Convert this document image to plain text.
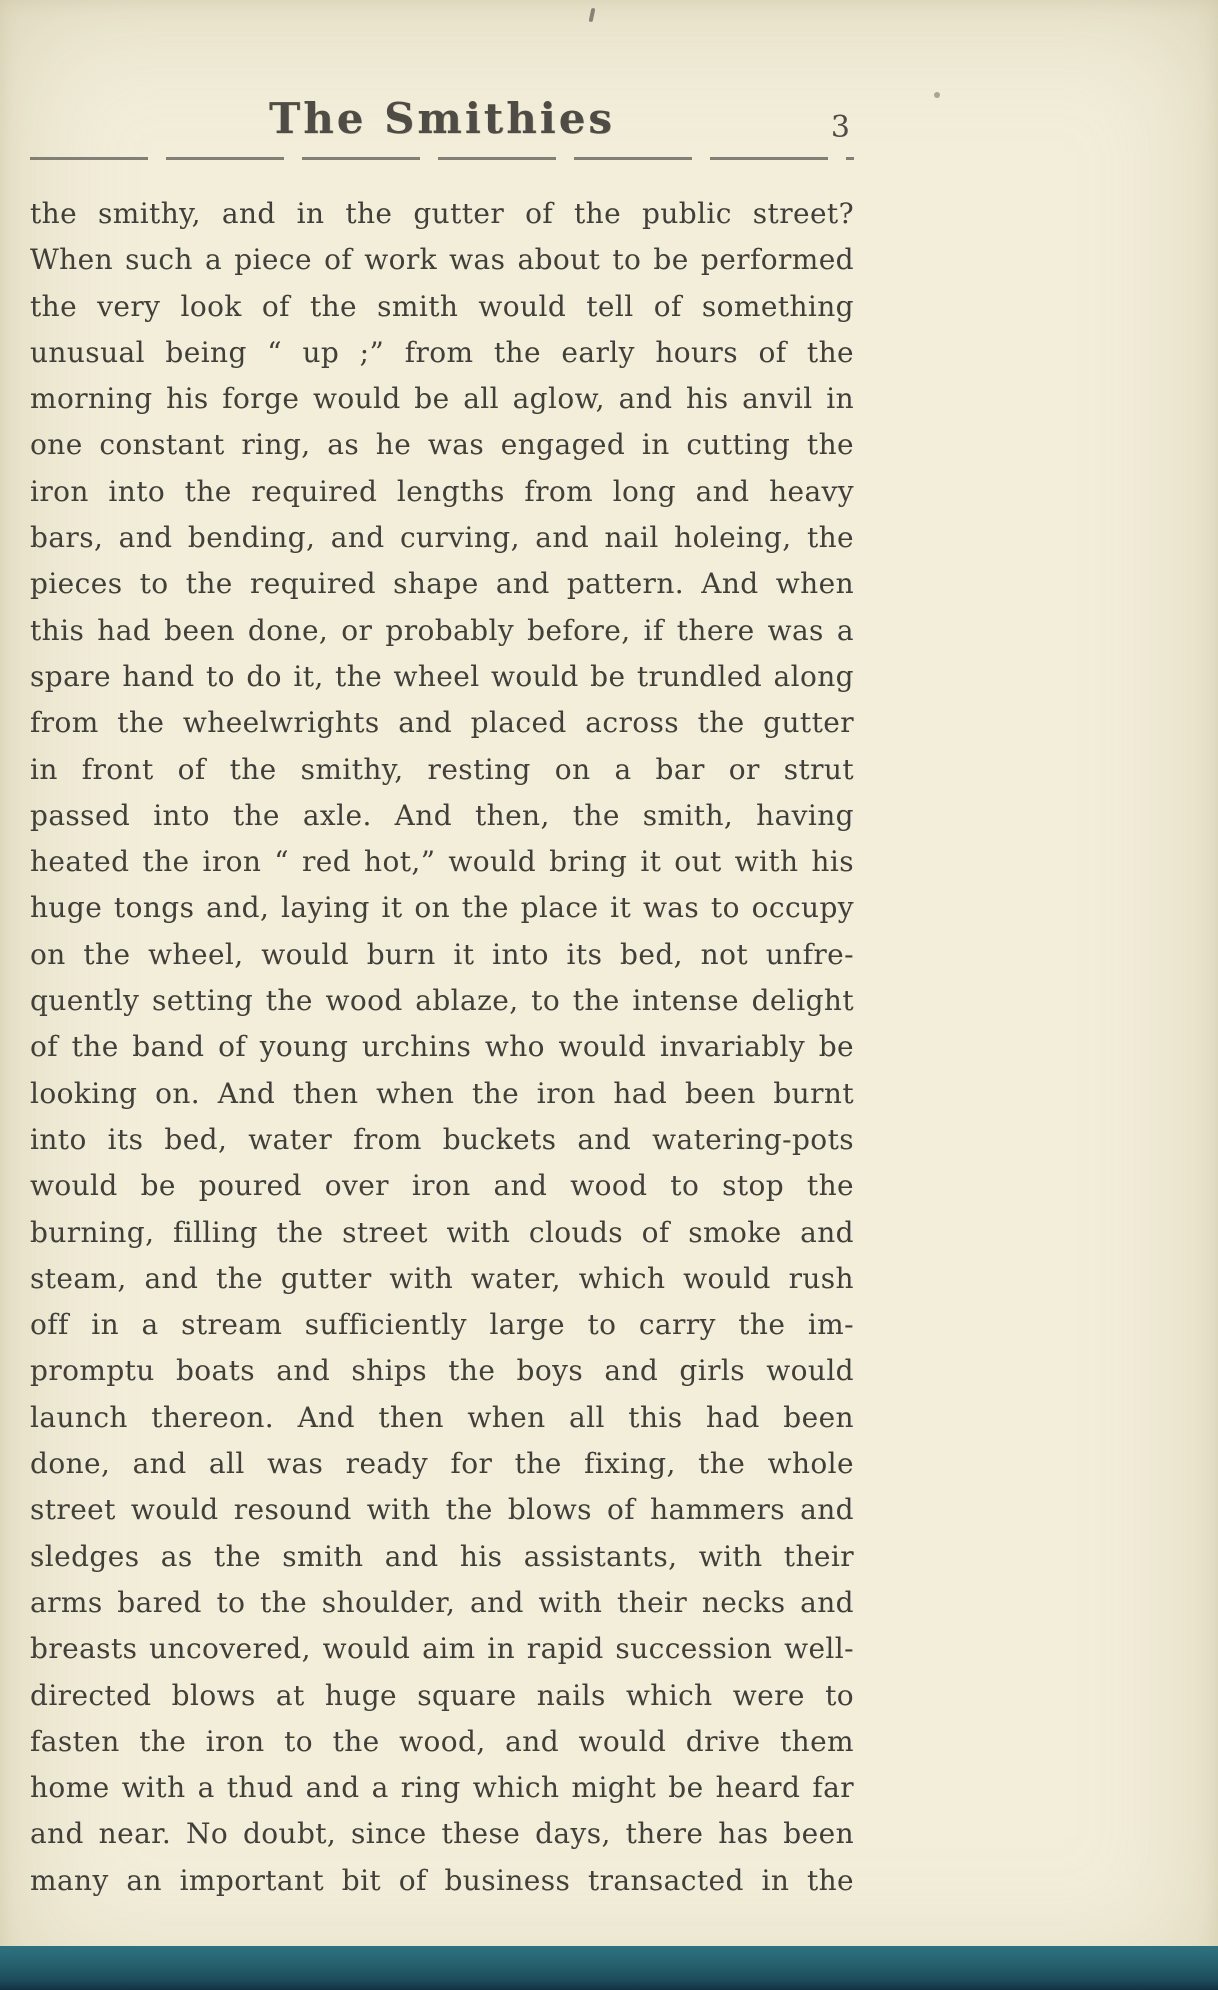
The Smithies	3
the smithy, and in the gutter of the public street?
When such a piece of work was about to be performed
the very look of the smith would tell of something
unusual being “ up ;” from the early hours of the
morning his forge would be all aglow, and his anvil in
one constant ring, as he was engaged in cutting the
iron into the required lengths from long and heavy
bars, and bending, and curving, and nail holeing, the
pieces to the required shape and pattern. And when
this had been done, or probably before, if there was a
spare hand to do it, the wheel would be trundled along
from the wheelwrights and placed across the gutter
in front of the smithy, resting on a bar or strut
passed into the axle. And then, the smith, having
heated the iron “ red hot,” would bring it out with his
huge tongs and, laying it on the place it was to occupy
on the wheel, would burn it into its bed, not unfre-
quently setting the wood ablaze, to the intense delight
of the band of young urchins who would invariably be
looking on. And then when the iron had been burnt
into its bed, water from buckets and watering-pots
would be poured over iron and wood to stop the
burning, filling the street with clouds of smoke and
steam, and the gutter with water, which would rush
off in a stream sufficiently large to carry the im-
promptu boats and ships the boys and girls would
launch thereon. And then when all this had been
done, and all was ready for the fixing, the whole
street would resound with the blows of hammers and
sledges as the smith and his assistants, with their
arms bared to the shoulder, and with their necks and
breasts uncovered, would aim in rapid succession well-
directed blows at huge square nails which were to
fasten the iron to the wood, and would drive them
home with a thud and a ring which might be heard far
and near. No doubt, since these days, there has been
many an important bit of business transacted in the
